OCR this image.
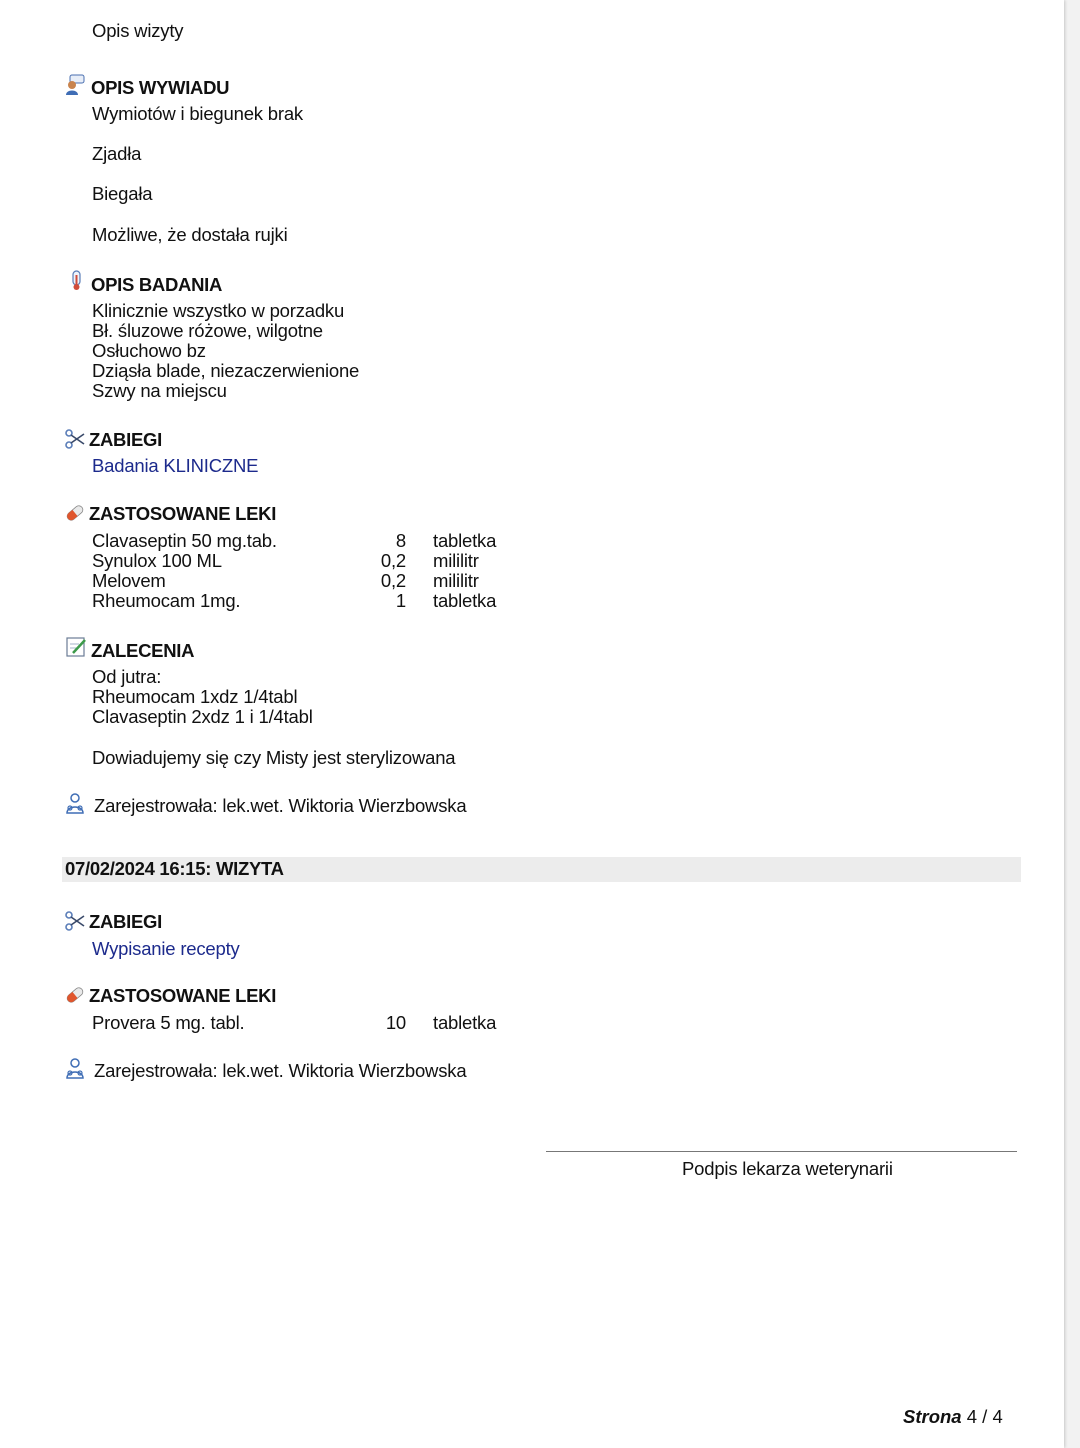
Opis wizyty
OPIS WYWIADU
Wymiotów i biegunek brak
Zjadła
Biegała
Możliwe, że dostała rujki
OPIS BADANIA
Klinicznie wszystko w porzadku
Bł. śluzowe różowe, wilgotne
Osłuchowo bz
Dziąsła blade, niezaczerwienione
Szwy na miejscu
ZABIEGI
Badania KLINICZNE
ZASTOSOWANE LEKI
Clavaseptin 50 mg.tab.	8 tabletka
Synulox 100 ML	0,2 mililitr
Melovem	0,2 mililitr
Rheumocam 1mg.	1 tabletka
ZALECENIA
Od jutra:
Rheumocam 1xdz 1/4tabl
Clavaseptin 2xdz 1 i 1/4tabl
Dowiadujemy się czy Misty jest sterylizowana
Zarejestrowała: lek.wet. Wiktoria Wierzbowska
07/02/2024 16:15: WIZYTA
ZABIEGI
Wypisanie recepty
ZASTOSOWANE LEKI
Provera 5 mg. tabl.	10 tabletka
Zarejestrowała: lek.wet. Wiktoria Wierzbowska
Podpis lekarza weterynarii
Strona 4 / 4
